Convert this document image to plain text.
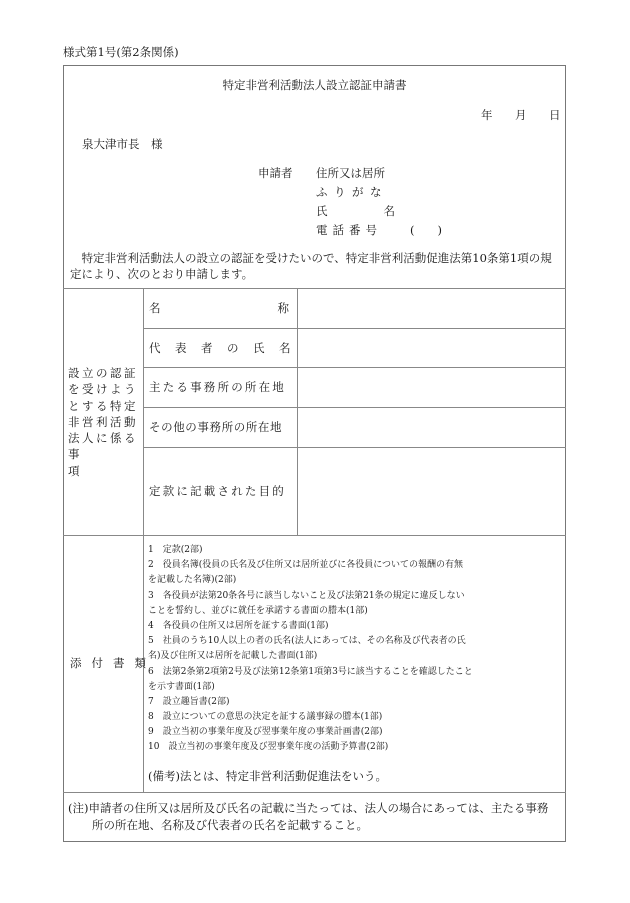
様式第1号(第2条関係)
特定非営利活動法人設立認証申請書
年 月 日
泉大津市長　様
申請者 住所又は居所
ふりがな
氏名
電話番号 (　　)
　特定非営利活動法人の設立の認証を受けたいので、特定非営利活動促進法第10条第1項の規定により、次のとおり申請します。
設立の認証
を受けよう
とする特定
非営利活動
法人に係る
事項
名称
代表者の氏名
主たる事務所の所在地
その他の事務所の所在地
定款に記載された目的
添付書類
1　定款(2部)
2　役員名簿(役員の氏名及び住所又は居所並びに各役員についての報酬の有無
を記載した名簿)(2部)
3　各役員が法第20条各号に該当しないこと及び法第21条の規定に違反しない
ことを誓約し、並びに就任を承諾する書面の謄本(1部)
4　各役員の住所又は居所を証する書面(1部)
5　社員のうち10人以上の者の氏名(法人にあっては、その名称及び代表者の氏
名)及び住所又は居所を記載した書面(1部)
6　法第2条第2項第2号及び法第12条第1項第3号に該当することを確認したこと
を示す書面(1部)
7　設立趣旨書(2部)
8　設立についての意思の決定を証する議事録の謄本(1部)
9　設立当初の事業年度及び翌事業年度の事業計画書(2部)
10　設立当初の事業年度及び翌事業年度の活動予算書(2部)
(備考)法とは、特定非営利活動促進法をいう。
(注)申請者の住所又は居所及び氏名の記載に当たっては、法人の場合にあっては、主たる事務
所の所在地、名称及び代表者の氏名を記載すること。
